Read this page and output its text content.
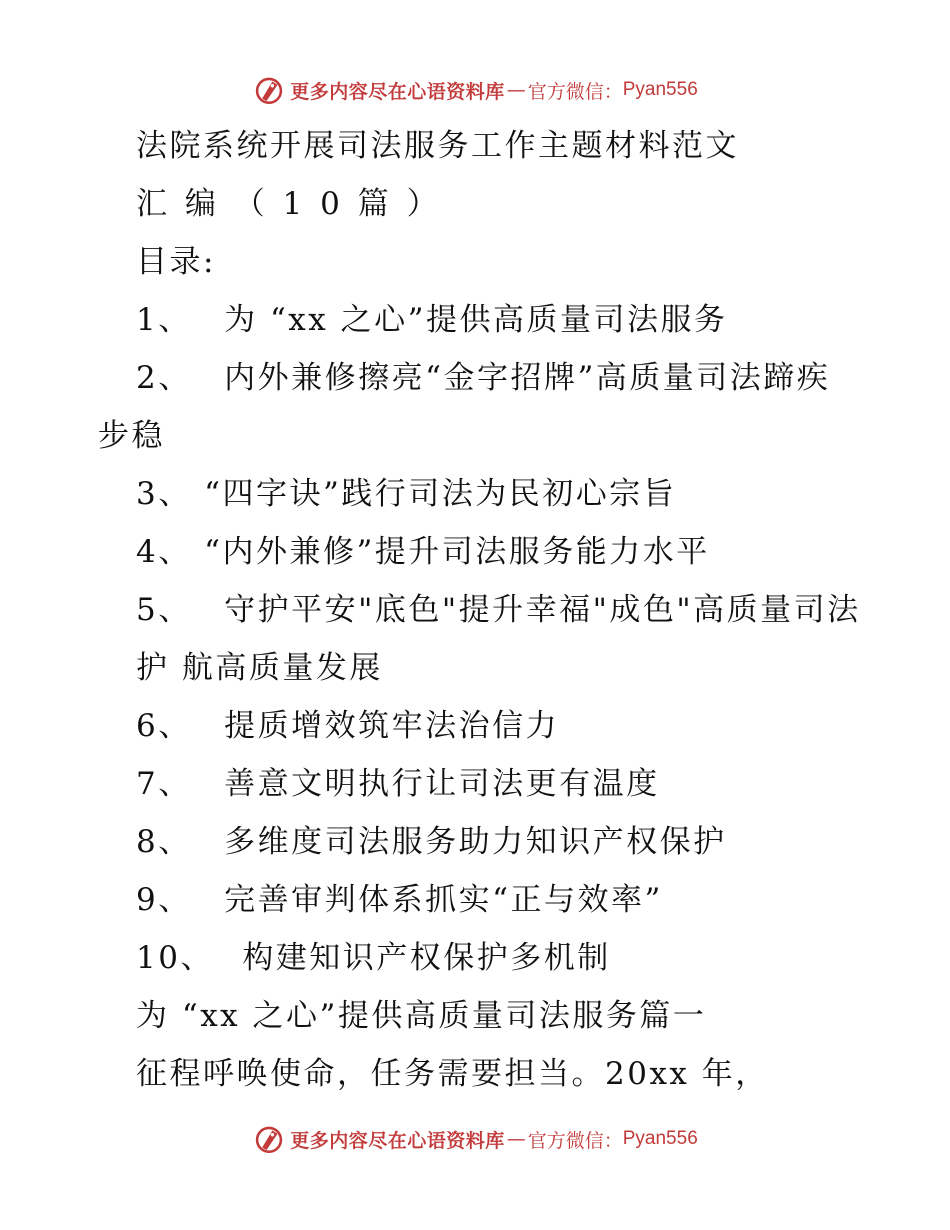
更多内容尽在心语资料库 — 官方微信： Pyan556
法院系统开展司法服务工作主题材料范文
汇 编 （ 1 0 篇 ）
目录:
1、 为 “xx 之心”提供高质量司法服务
2、 内外兼修擦亮“金字招牌”高质量司法蹄疾
步稳
3、 “四字诀”践行司法为民初心宗旨
4、 “内外兼修”提升司法服务能力水平
5、 守护平安"底色"提升幸福"成色"高质量司法
护 航高质量发展
6、 提质增效筑牢法治信力
7、 善意文明执行让司法更有温度
8、 多维度司法服务助力知识产权保护
9、 完善审判体系抓实“正与效率”
10、 构建知识产权保护多机制
为 “xx 之心”提供高质量司法服务篇一
征程呼唤使命，任务需要担当。20xx 年，
更多内容尽在心语资料库 — 官方微信： Pyan556
